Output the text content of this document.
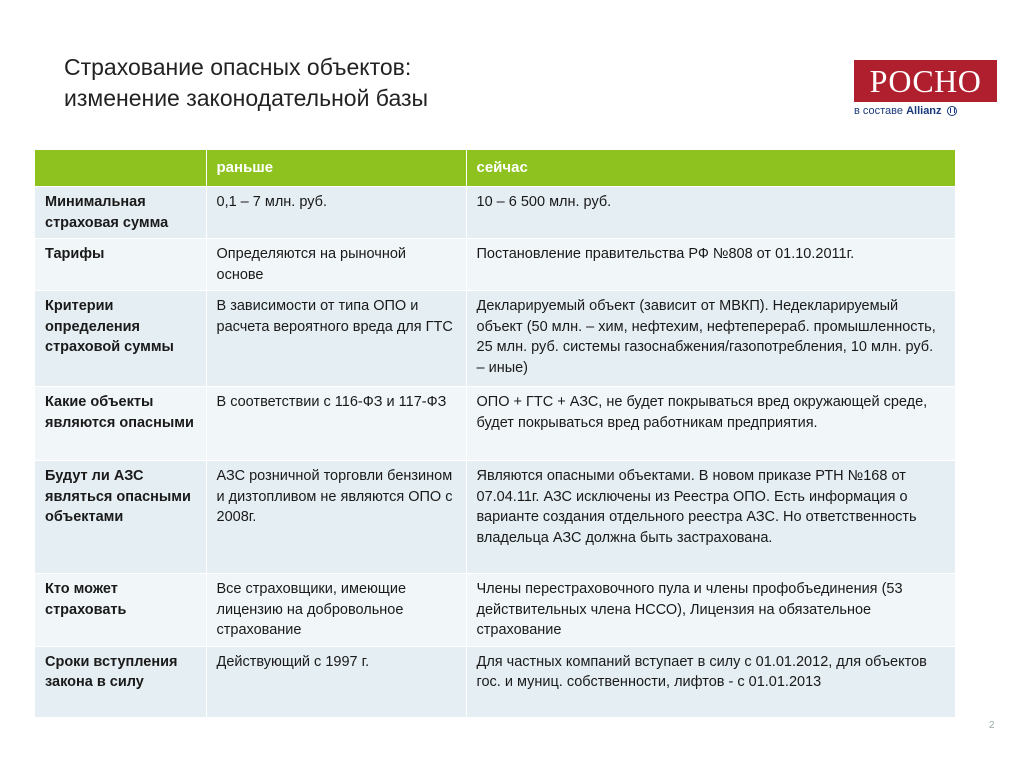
Страхование опасных объектов:
изменение законодательной базы	РОСНО
в составе Allianz
	раньше	сейчас
Минимальная страховая сумма	0,1 – 7 млн. руб.	10 – 6 500 млн. руб.
Тарифы	Определяются на рыночной основе	Постановление правительства РФ №808 от 01.10.2011г.
Критерии определения страховой суммы	В зависимости от типа ОПО и расчета вероятного вреда для ГТС	Декларируемый объект (зависит от МВКП). Недекларируемый объект (50 млн. – хим, нефтехим, нефтеперераб. промышленность, 25 млн. руб. системы газоснабжения/газопотребления, 10 млн. руб. – иные)
Какие объекты являются опасными	В соответствии с 116-ФЗ и 117-ФЗ	ОПО + ГТС + АЗС, не будет покрываться вред окружающей среде, будет покрываться вред работникам предприятия.
Будут ли АЗС являться опасными объектами	АЗС розничной торговли бензином и дизтопливом не являются ОПО с 2008г.	Являются опасными объектами. В новом приказе РТН №168 от 07.04.11г. АЗС исключены из Реестра ОПО. Есть информация о варианте создания отдельного реестра АЗС. Но ответственность владельца АЗС должна быть застрахована.
Кто может страховать	Все страховщики, имеющие лицензию на добровольное страхование	Члены перестраховочного пула и члены профобъединения (53 действительных члена НССО), Лицензия на обязательное страхование
Сроки вступления закона в силу	Действующий с 1997 г.	Для частных компаний вступает в силу с 01.01.2012, для объектов гос. и муниц. собственности, лифтов - с 01.01.2013
2
